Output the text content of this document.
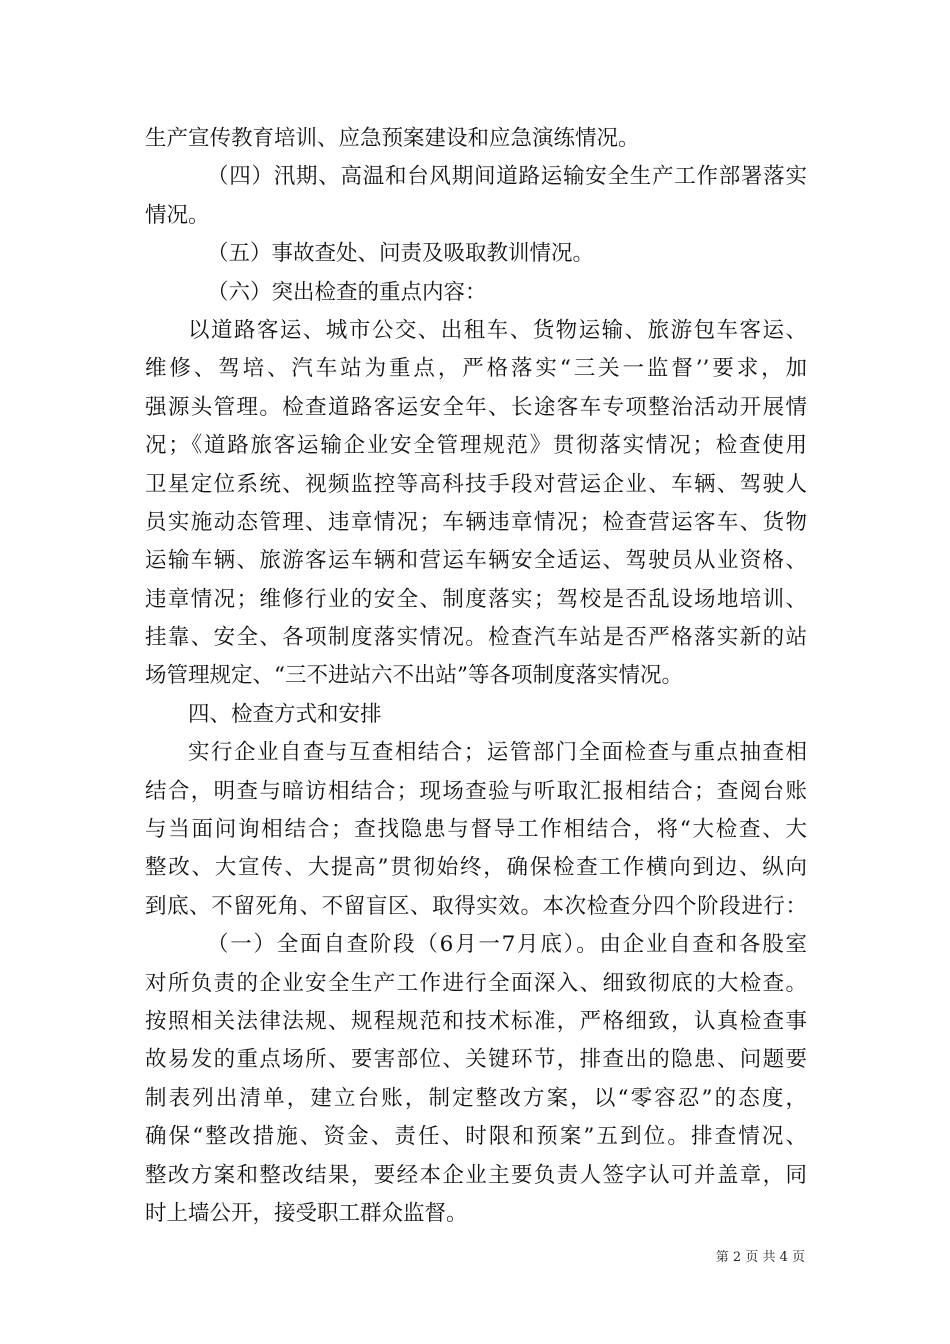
生产宣传教育培训、应急预案建设和应急演练情况。
（四）汛期、高温和台风期间道路运输安全生产工作部署落实
情况。
（五）事故查处、问责及吸取教训情况。
（六）突出检查的重点内容：
以道路客运、城市公交、出租车、货物运输、旅游包车客运、
维修、驾培、汽车站为重点，严格落实“三关一监督’’要求，加
强源头管理。检查道路客运安全年、长途客车专项整治活动开展情
况；《道路旅客运输企业安全管理规范》贯彻落实情况；检查使用
卫星定位系统、视频监控等高科技手段对营运企业、车辆、驾驶人
员实施动态管理、违章情况；车辆违章情况；检查营运客车、货物
运输车辆、旅游客运车辆和营运车辆安全适运、驾驶员从业资格、
违章情况；维修行业的安全、制度落实；驾校是否乱设场地培训、
挂靠、安全、各项制度落实情况。检查汽车站是否严格落实新的站
场管理规定、“三不进站六不出站”等各项制度落实情况。
四、检查方式和安排
实行企业自查与互查相结合；运管部门全面检查与重点抽查相
结合，明查与暗访相结合；现场查验与听取汇报相结合；查阅台账
与当面问询相结合；查找隐患与督导工作相结合，将“大检查、大
整改、大宣传、大提高”贯彻始终，确保检查工作横向到边、纵向
到底、不留死角、不留盲区、取得实效。本次检查分四个阶段进行：
（一）全面自查阶段（6月一7月底）。由企业自查和各股室
对所负责的企业安全生产工作进行全面深入、细致彻底的大检查。
按照相关法律法规、规程规范和技术标准，严格细致，认真检查事
故易发的重点场所、要害部位、关键环节，排查出的隐患、问题要
制表列出清单，建立台账，制定整改方案，以“零容忍”的态度，
确保“整改措施、资金、责任、时限和预案”五到位。排查情况、
整改方案和整改结果，要经本企业主要负责人签字认可并盖章，同
时上墙公开，接受职工群众监督。
第 2 页 共 4 页
